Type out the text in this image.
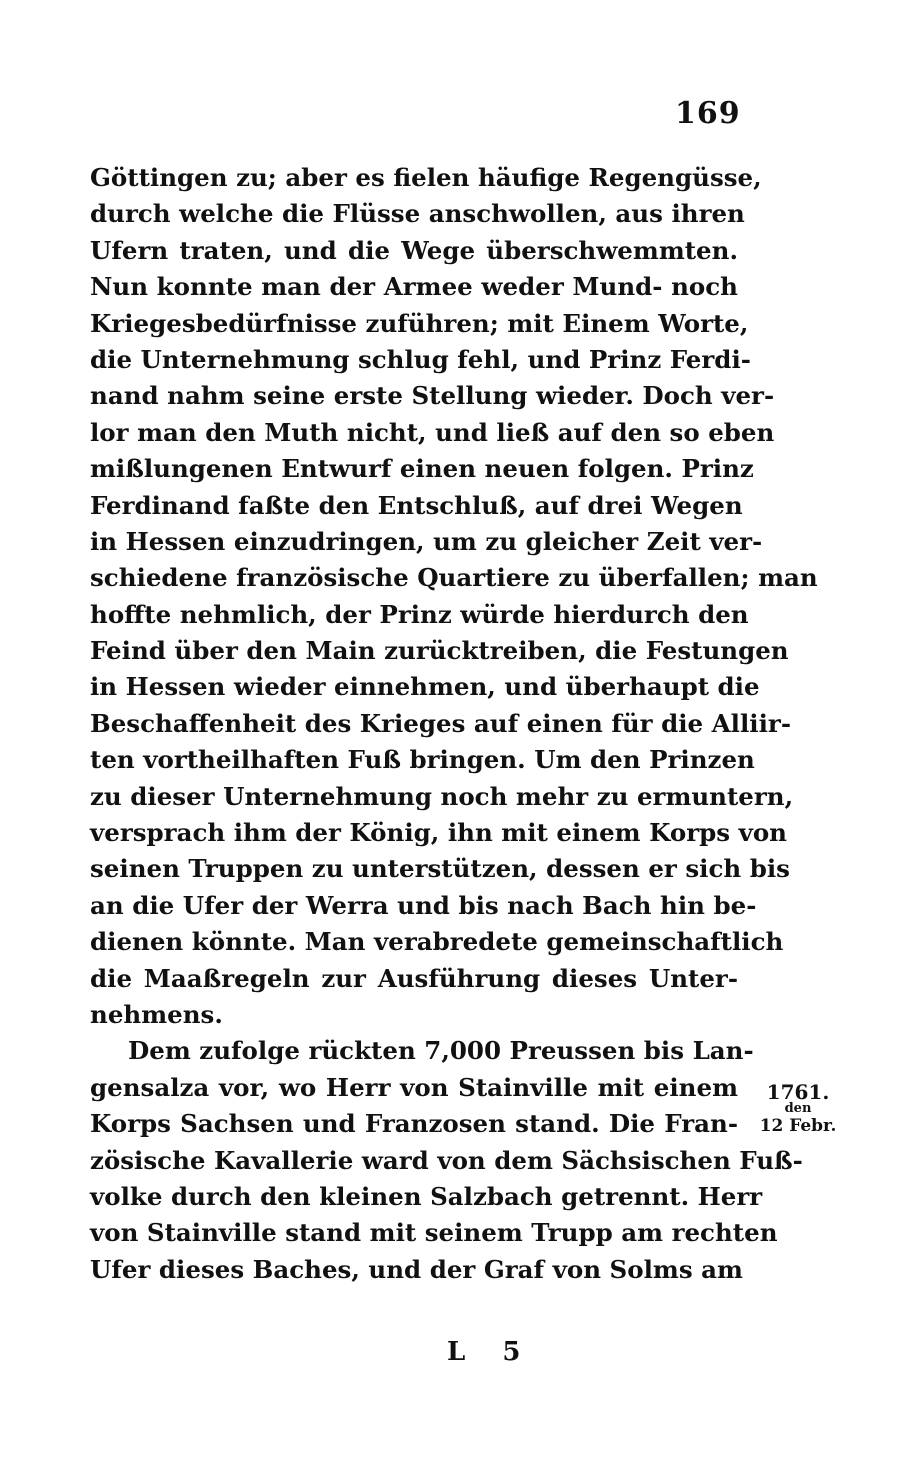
169
Göttingen zu; aber es fielen häufige Regengüsse,
durch welche die Flüsse anschwollen, aus ihren
Ufern traten, und die Wege überschwemmten.
Nun konnte man der Armee weder Mund- noch
Kriegesbedürfnisse zuführen; mit Einem Worte,
die Unternehmung schlug fehl, und Prinz Ferdi-
nand nahm seine erste Stellung wieder. Doch ver-
lor man den Muth nicht, und ließ auf den so eben
mißlungenen Entwurf einen neuen folgen. Prinz
Ferdinand faßte den Entschluß, auf drei Wegen
in Hessen einzudringen, um zu gleicher Zeit ver-
schiedene französische Quartiere zu überfallen; man
hoffte nehmlich, der Prinz würde hierdurch den
Feind über den Main zurücktreiben, die Festungen
in Hessen wieder einnehmen, und überhaupt die
Beschaffenheit des Krieges auf einen für die Alliir-
ten vortheilhaften Fuß bringen. Um den Prinzen
zu dieser Unternehmung noch mehr zu ermuntern,
versprach ihm der König, ihn mit einem Korps von
seinen Truppen zu unterstützen, dessen er sich bis
an die Ufer der Werra und bis nach Bach hin be-
dienen könnte. Man verabredete gemeinschaftlich
die Maaßregeln zur Ausführung dieses Unter-
nehmens.
Dem zufolge rückten 7,000 Preussen bis Lan-
gensalza vor, wo Herr von Stainville mit einem
Korps Sachsen und Franzosen stand. Die Fran-
zösische Kavallerie ward von dem Sächsischen Fuß-
volke durch den kleinen Salzbach getrennt. Herr
von Stainville stand mit seinem Trupp am rechten
Ufer dieses Baches, und der Graf von Solms am
1761.
den
12 Febr.
L 5
